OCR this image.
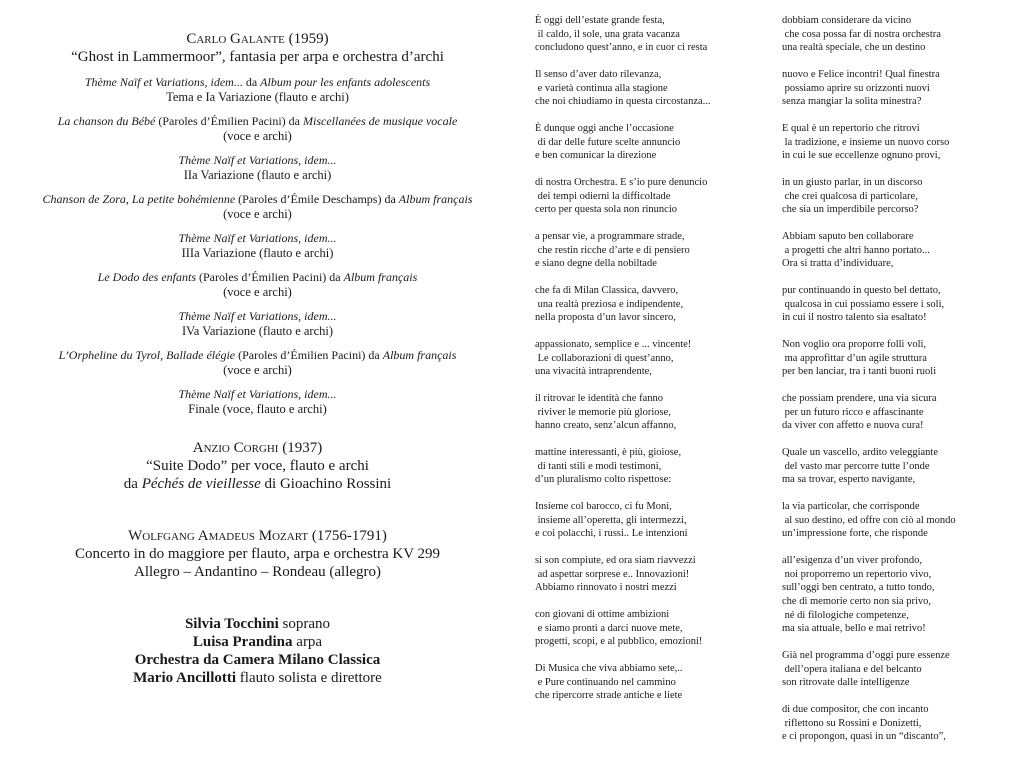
Carlo Galante (1959)
“Ghost in Lammermoor”, fantasia per arpa e orchestra d’archi
Thème Naïf et Variations, idem... da Album pour les enfants adolescents
Tema e Ia Variazione (flauto e archi)
La chanson du Bébé (Paroles d’Émilien Pacini) da Miscellanées de musique vocale
(voce e archi)
Thème Naïf et Variations, idem...
IIa Variazione (flauto e archi)
Chanson de Zora, La petite bohémienne (Paroles d’Émile Deschamps) da Album français
(voce e archi)
Thème Naïf et Variations, idem...
IIIa Variazione (flauto e archi)
Le Dodo des enfants (Paroles d’Émilien Pacini) da Album français
(voce e archi)
Thème Naïf et Variations, idem...
IVa Variazione (flauto e archi)
L’Orpheline du Tyrol, Ballade élégie (Paroles d’Émilien Pacini) da Album français
(voce e archi)
Thème Naïf et Variations, idem...
Finale (voce, flauto e archi)
Anzio Corghi (1937)
“Suite Dodo” per voce, flauto e archi
da Péchés de vieillesse di Gioachino Rossini
Wolfgang Amadeus Mozart (1756-1791)
Concerto in do maggiore per flauto, arpa e orchestra KV 299
Allegro – Andantino – Rondeau (allegro)
Silvia Tocchini soprano
Luisa Prandina arpa
Orchestra da Camera Milano Classica
Mario Ancillotti flauto solista e direttore
È oggi dell’estate grande festa,
il caldo, il sole, una grata vacanza
concludono quest’anno, e in cuor ci resta
Il senso d’aver dato rilevanza,
e varietà continua alla stagione
che noi chiudiamo in questa circostanza...
È dunque oggi anche l’occasione
di dar delle future scelte annuncio
e ben comunicar la direzione
di nostra Orchestra. E s’io pure denuncio
dei tempi odierni la difficoltade
certo per questa sola non rinuncio
a pensar vie, a programmare strade,
che restin ricche d’arte e di pensiero
e siano degne della nobiltade
che fa di Milan Classica, davvero,
una realtà preziosa e indipendente,
nella proposta d’un lavor sincero,
appassionato, semplice e ... vincente!
Le collaborazioni di quest’anno,
una vivacità intraprendente,
il ritrovar le identità che fanno
riviver le memorie più gloriose,
hanno creato, senz’alcun affanno,
mattine interessanti, è più, gioiose,
di tanti stili e modi testimoni,
d’un pluralismo colto rispettose:
Insieme col barocco, ci fu Moni,
insieme all’operetta, gli intermezzi,
e coi polacchi, i russi.. Le intenzioni
si son compiute, ed ora siam riavvezzi
ad aspettar sorprese e.. Innovazioni!
Abbiamo rinnovato i nostri mezzi
con giovani di ottime ambizioni
e siamo pronti a darci nuove mete,
progetti, scopi, e al pubblico, emozioni!
Di Musica che viva abbiamo sete,..
e Pure continuando nel cammino
che ripercorre strade antiche e liete
dobbiam considerare da vicino
che cosa possa far di nostra orchestra
una realtà speciale, che un destino
nuovo e Felice incontri! Qual finestra
possiamo aprire su orizzonti nuovi
senza mangiar la solita minestra?
E qual è un repertorio che ritrovi
la tradizione, e insieme un nuovo corso
in cui le sue eccellenze ognuno provi,
in un giusto parlar, in un discorso
che crei qualcosa di particolare,
che sia un imperdibile percorso?
Abbiam saputo ben collaborare
a progetti che altri hanno portato...
Ora si tratta d’individuare,
pur continuando in questo bel dettato,
qualcosa in cui possiamo essere i soli,
in cui il nostro talento sia esaltato!
Non voglio ora proporre folli voli,
ma approfittar d’un agile struttura
per ben lanciar, tra i tanti buoni ruoli
che possiam prendere, una via sicura
per un futuro ricco e affascinante
da viver con affetto e nuova cura!
Quale un vascello, ardito veleggiante
del vasto mar percorre tutte l’onde
ma sa trovar, esperto navigante,
la via particolar, che corrisponde
al suo destino, ed offre con ciò al mondo
un’impressione forte, che risponde
all’esigenza d’un viver profondo,
noi proporremo un repertorio vivo,
sull’oggi ben centrato, a tutto tondo,
che di memorie certo non sia privo,
né di filologiche competenze,
ma sia attuale, bello e mai retrivo!
Già nel programma d’oggi pure essenze
dell’opera italiana e del belcanto
son ritrovate dalle intelligenze
di due compositor, che con incanto
riflettono su Rossini e Donizetti,
e ci propongon, quasi in un “discanto”,
